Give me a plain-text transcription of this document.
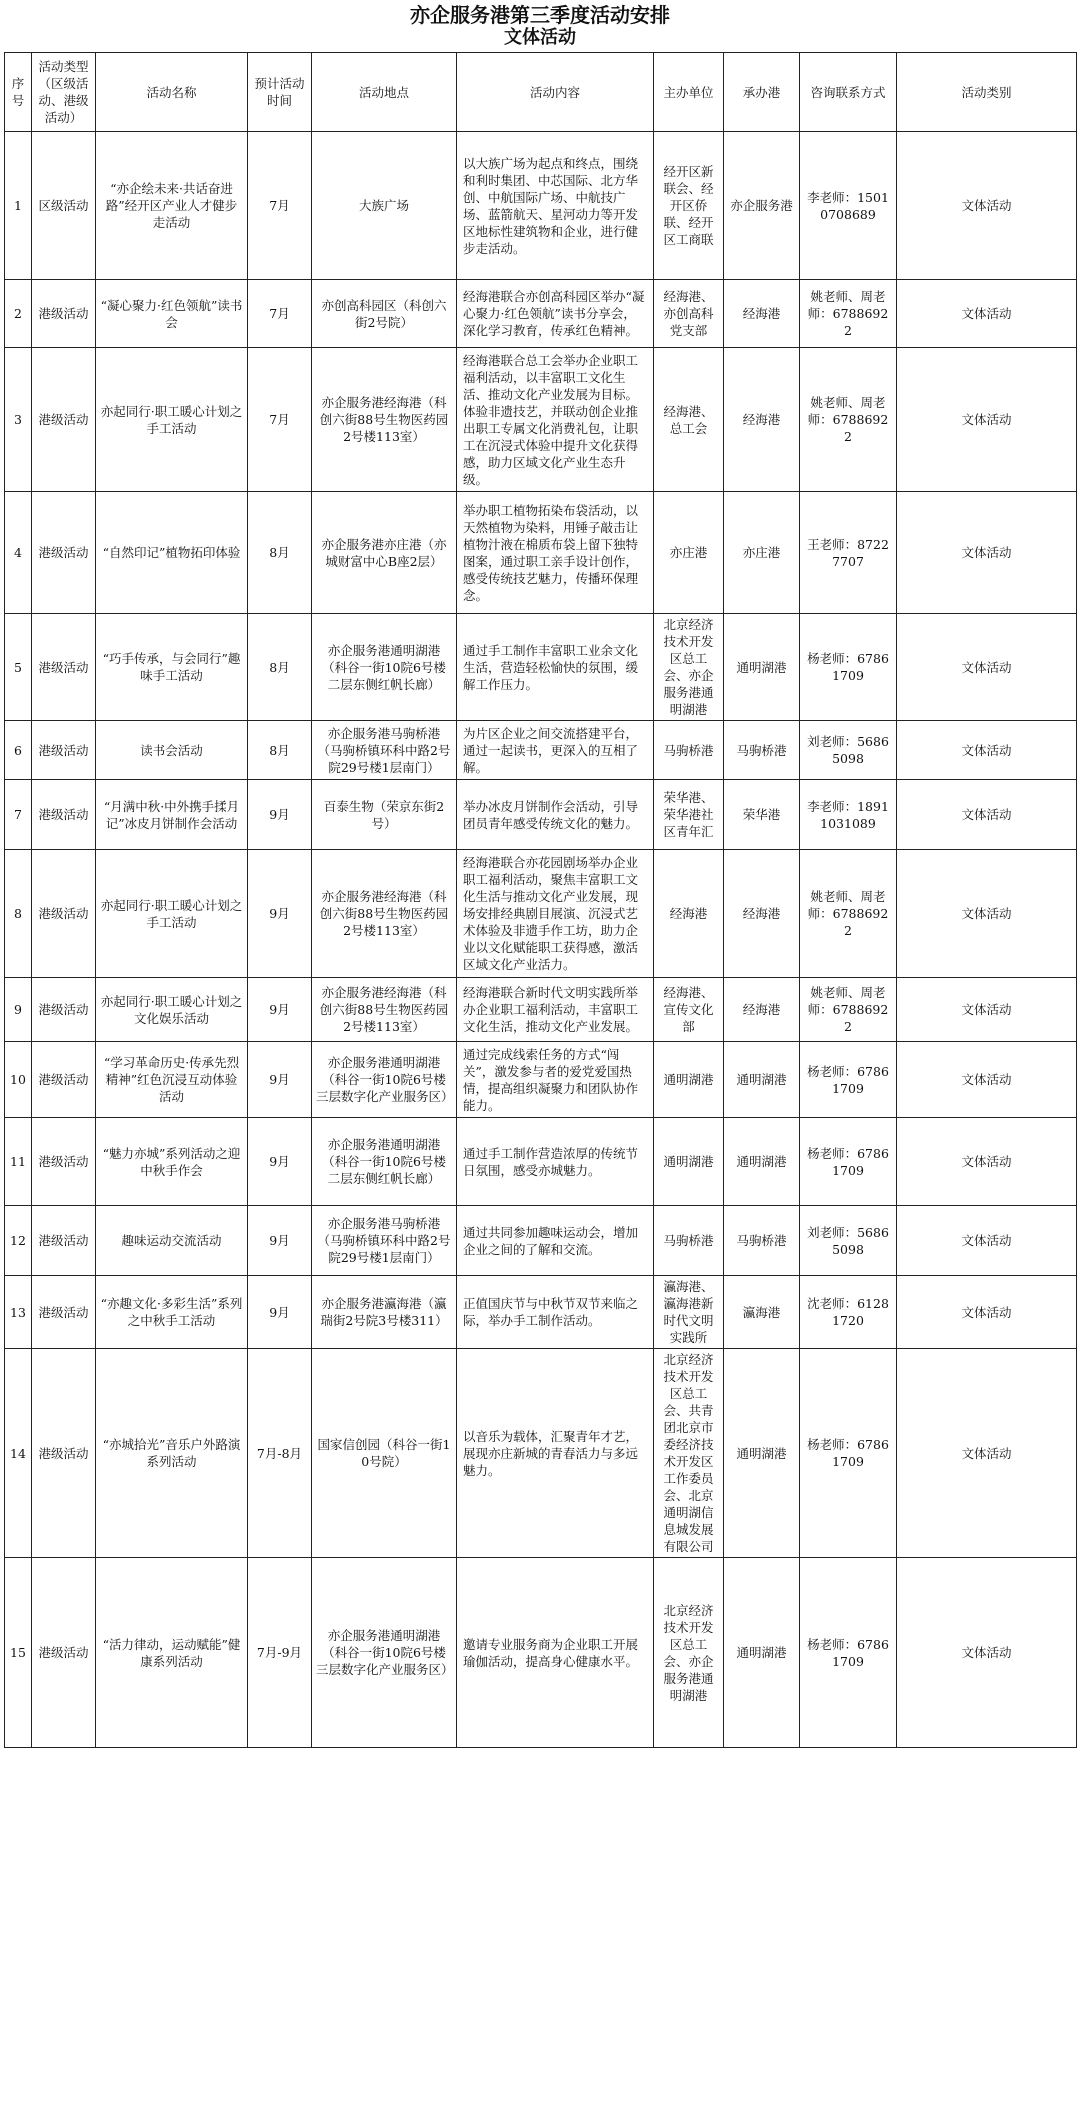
亦企服务港第三季度活动安排
文体活动
序号	活动类型（区级活动、港级活动）	活动名称	预计活动时间	活动地点	活动内容	主办单位	承办港	咨询联系方式	活动类别
1	区级活动	“亦企绘未来·共话奋进路”经开区产业人才健步走活动	7月	大族广场	以大族广场为起点和终点，围绕和利时集团、中芯国际、北方华创、中航国际广场、中航技广场、蓝箭航天、星河动力等开发区地标性建筑物和企业，进行健步走活动。	经开区新联会、经开区侨联、经开区工商联	亦企服务港	李老师：15010708689	文体活动
2	港级活动	“凝心聚力·红色领航”读书会	7月	亦创高科园区（科创六街2号院）	经海港联合亦创高科园区举办“凝心聚力·红色领航”读书分享会，深化学习教育，传承红色精神。	经海港、亦创高科党支部	经海港	姚老师、周老师：67886922	文体活动
3	港级活动	亦起同行·职工暖心计划之手工活动	7月	亦企服务港经海港（科创六街88号生物医药园2号楼113室）	经海港联合总工会举办企业职工福利活动，以丰富职工文化生活、推动文化产业发展为目标。体验非遗技艺，并联动创企业推出职工专属文化消费礼包，让职工在沉浸式体验中提升文化获得感，助力区域文化产业生态升级。	经海港、总工会	经海港	姚老师、周老师：67886922	文体活动
4	港级活动	“自然印记”植物拓印体验	8月	亦企服务港亦庄港（亦城财富中心B座2层）	举办职工植物拓染布袋活动，以天然植物为染料，用锤子敲击让植物汁液在棉质布袋上留下独特图案，通过职工亲手设计创作，感受传统技艺魅力，传播环保理念。	亦庄港	亦庄港	王老师：87227707	文体活动
5	港级活动	“巧手传承，与会同行”趣味手工活动	8月	亦企服务港通明湖港（科谷一街10院6号楼二层东侧红帆长廊）	通过手工制作丰富职工业余文化生活，营造轻松愉快的氛围，缓解工作压力。	北京经济技术开发区总工会、亦企服务港通明湖港	通明湖港	杨老师：67861709	文体活动
6	港级活动	读书会活动	8月	亦企服务港马驹桥港（马驹桥镇环科中路2号院29号楼1层南门）	为片区企业之间交流搭建平台，通过一起读书，更深入的互相了解。	马驹桥港	马驹桥港	刘老师：56865098	文体活动
7	港级活动	“月满中秋·中外携手揉月记”冰皮月饼制作会活动	9月	百泰生物（荣京东街2号）	举办冰皮月饼制作会活动，引导团员青年感受传统文化的魅力。	荣华港、荣华港社区青年汇	荣华港	李老师：18911031089	文体活动
8	港级活动	亦起同行·职工暖心计划之手工活动	9月	亦企服务港经海港（科创六街88号生物医药园2号楼113室）	经海港联合亦花园剧场举办企业职工福利活动，聚焦丰富职工文化生活与推动文化产业发展，现场安排经典剧目展演、沉浸式艺术体验及非遗手作工坊，助力企业以文化赋能职工获得感，激活区域文化产业活力。	经海港	经海港	姚老师、周老师：67886922	文体活动
9	港级活动	亦起同行·职工暖心计划之文化娱乐活动	9月	亦企服务港经海港（科创六街88号生物医药园2号楼113室）	经海港联合新时代文明实践所举办企业职工福利活动，丰富职工文化生活，推动文化产业发展。	经海港、宣传文化部	经海港	姚老师、周老师：67886922	文体活动
10	港级活动	“学习革命历史·传承先烈精神”红色沉浸互动体验活动	9月	亦企服务港通明湖港（科谷一街10院6号楼三层数字化产业服务区）	通过完成线索任务的方式“闯关”，激发参与者的爱党爱国热情，提高组织凝聚力和团队协作能力。	通明湖港	通明湖港	杨老师：67861709	文体活动
11	港级活动	“魅力亦城”系列活动之迎中秋手作会	9月	亦企服务港通明湖港（科谷一街10院6号楼二层东侧红帆长廊）	通过手工制作营造浓厚的传统节日氛围，感受亦城魅力。	通明湖港	通明湖港	杨老师：67861709	文体活动
12	港级活动	趣味运动交流活动	9月	亦企服务港马驹桥港（马驹桥镇环科中路2号院29号楼1层南门）	通过共同参加趣味运动会，增加企业之间的了解和交流。	马驹桥港	马驹桥港	刘老师：56865098	文体活动
13	港级活动	“亦趣文化·多彩生活”系列之中秋手工活动	9月	亦企服务港瀛海港（瀛瑞街2号院3号楼311）	正值国庆节与中秋节双节来临之际，举办手工制作活动。	瀛海港、瀛海港新时代文明实践所	瀛海港	沈老师：61281720	文体活动
14	港级活动	“亦城拾光”音乐户外路演系列活动	7月-8月	国家信创园（科谷一街10号院）	以音乐为载体，汇聚青年才艺，展现亦庄新城的青春活力与多远魅力。	北京经济技术开发区总工会、共青团北京市委经济技术开发区工作委员会、北京通明湖信息城发展有限公司	通明湖港	杨老师：67861709	文体活动
15	港级活动	“活力律动，运动赋能”健康系列活动	7月-9月	亦企服务港通明湖港（科谷一街10院6号楼三层数字化产业服务区）	邀请专业服务商为企业职工开展瑜伽活动，提高身心健康水平。	北京经济技术开发区总工会、亦企服务港通明湖港	通明湖港	杨老师：67861709	文体活动
